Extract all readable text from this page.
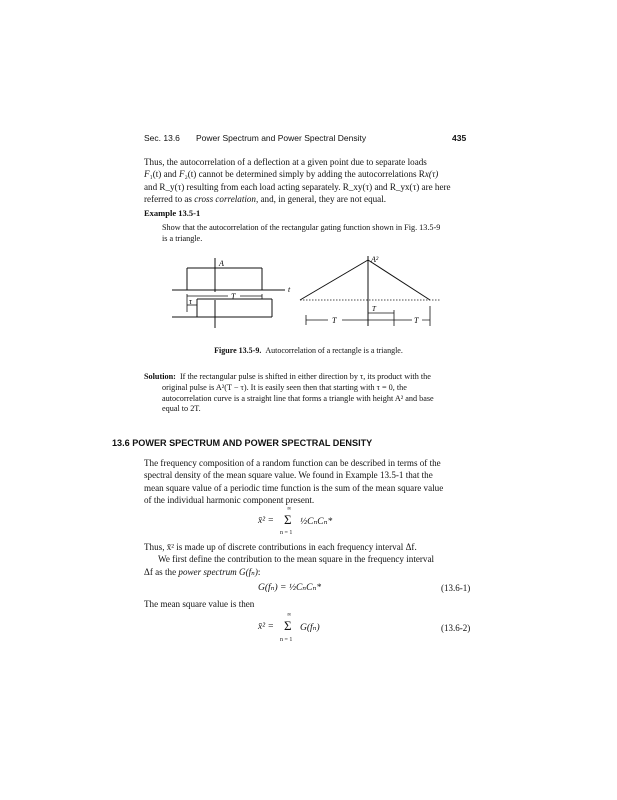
Sec. 13.6 Power Spectrum and Power Spectral Density	435

Thus, the autocorrelation of a deflection at a given point due to separate loads

F₁(t) and F₂(t) cannot be determined simply by adding the autocorrelations Rx(τ)

and R_y(τ) resulting from each load acting separately. R_xy(τ) and R_yx(τ) are here

referred to as cross correlation, and, in general, they are not equal.

Example 13.5-1

Show that the autocorrelation of the rectangular gating function shown in Fig. 13.5-9

is a triangle.

A
t
T
τ
A²
T
T	T
Figure 13.5-9. Autocorrelation of a rectangle is a triangle.

Solution: If the rectangular pulse is shifted in either direction by τ, its product with the

original pulse is A²(T − τ). It is easily seen then that starting with τ = 0, the

autocorrelation curve is a straight line that forms a triangle with height A² and base

equal to 2T.

13.6 POWER SPECTRUM AND POWER SPECTRAL DENSITY

The frequency composition of a random function can be described in terms of the

spectral density of the mean square value. We found in Example 13.5-1 that the

mean square value of a periodic time function is the sum of the mean square value

of the individual harmonic component present.

x̄² =
∞
Σ
n = 1
½CₙCₙ*

Thus, x̄² is made up of discrete contributions in each frequency interval Δf.

We first define the contribution to the mean square in the frequency interval

Δf as the power spectrum G(fₙ):

G(fₙ) = ½CₙCₙ*	(13.6-1)
The mean square value is then
x̄² =
∞
Σ
n = 1
G(fₙ)	(13.6-2)
